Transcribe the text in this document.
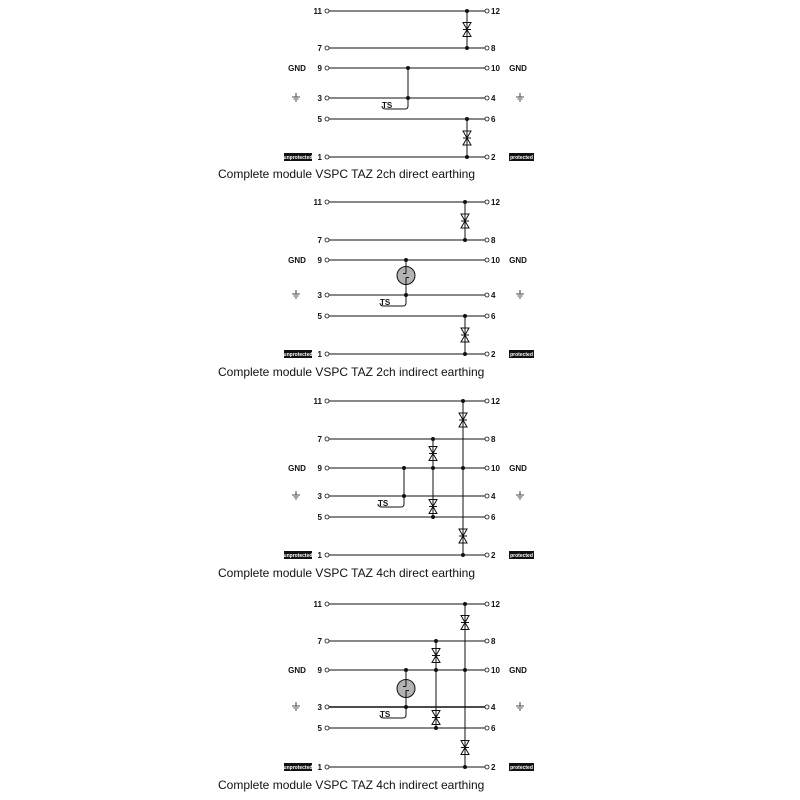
11	12
7	8
9	10
3	4
5	6
1	2
GND	GND
unprotected	protected
TS
Complete module VSPC TAZ 2ch direct earthing
11	12
7	8
9	10
3	4
5	6
1	2
GND	GND
unprotected	protected
TS
Complete module VSPC TAZ 2ch indirect earthing
11	12
7	8
9	10
3	4
5	6
1	2
GND	GND
unprotected	protected
TS
Complete module VSPC TAZ 4ch direct earthing
11	12
7	8
9	10
3	4
5	6
1	2
GND	GND
unprotected	protected
TS
Complete module VSPC TAZ 4ch indirect earthing
